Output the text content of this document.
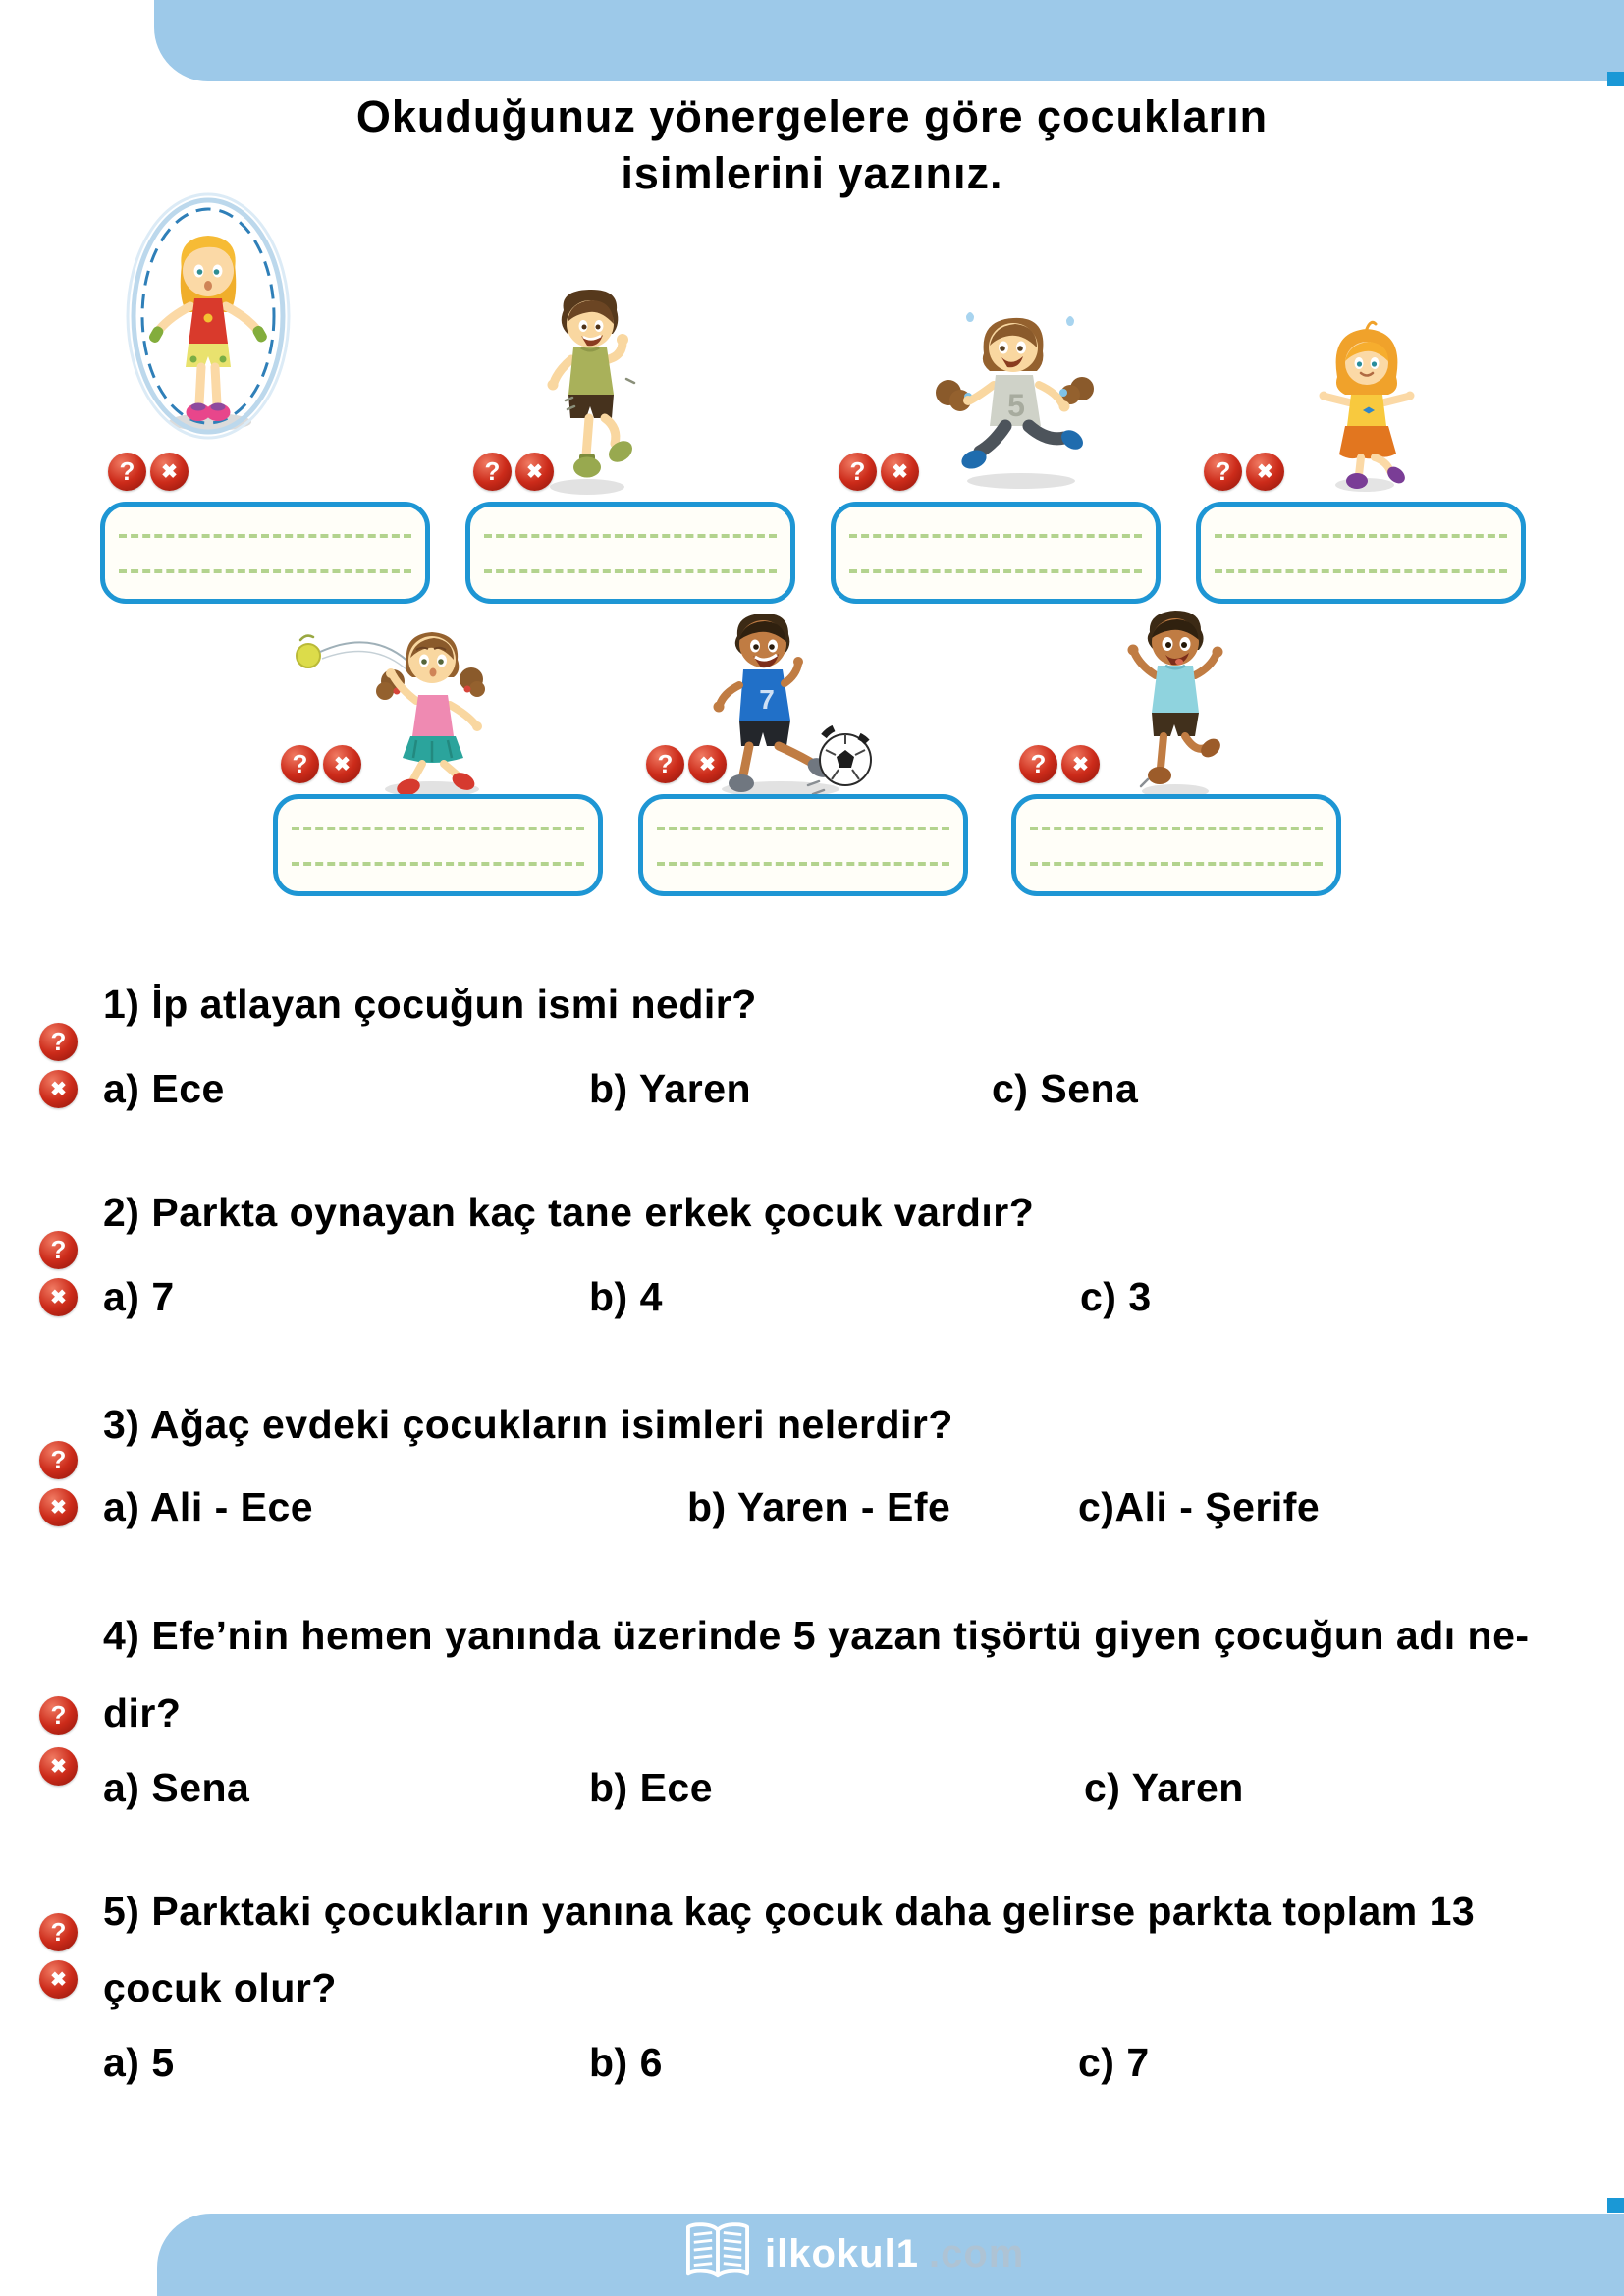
Okuduğunuz yönergelere göre çocukların
isimlerini yazınız.
5
7
?	✖	?	✖	?	✖	?	✖
?	✖	?	✖	?	✖
?
✖
1) İp atlayan çocuğun ismi nedir?
a) Ece	b) Yaren	c) Sena
?
✖
2) Parkta oynayan kaç tane erkek çocuk vardır?
a) 7	b) 4	c) 3
?
✖
3) Ağaç evdeki çocukların isimleri nelerdir?
a) Ali - Ece	b) Yaren - Efe	c)Ali - Şerife
?
✖
4) Efe’nin hemen yanında üzerinde 5 yazan tişörtü giyen çocuğun adı ne-
dir?
a) Sena	b) Ece	c) Yaren
?
✖
5) Parktaki çocukların yanına kaç çocuk daha gelirse parkta toplam 13
çocuk olur?
a) 5	b) 6	c) 7
ilkokul1 .com
